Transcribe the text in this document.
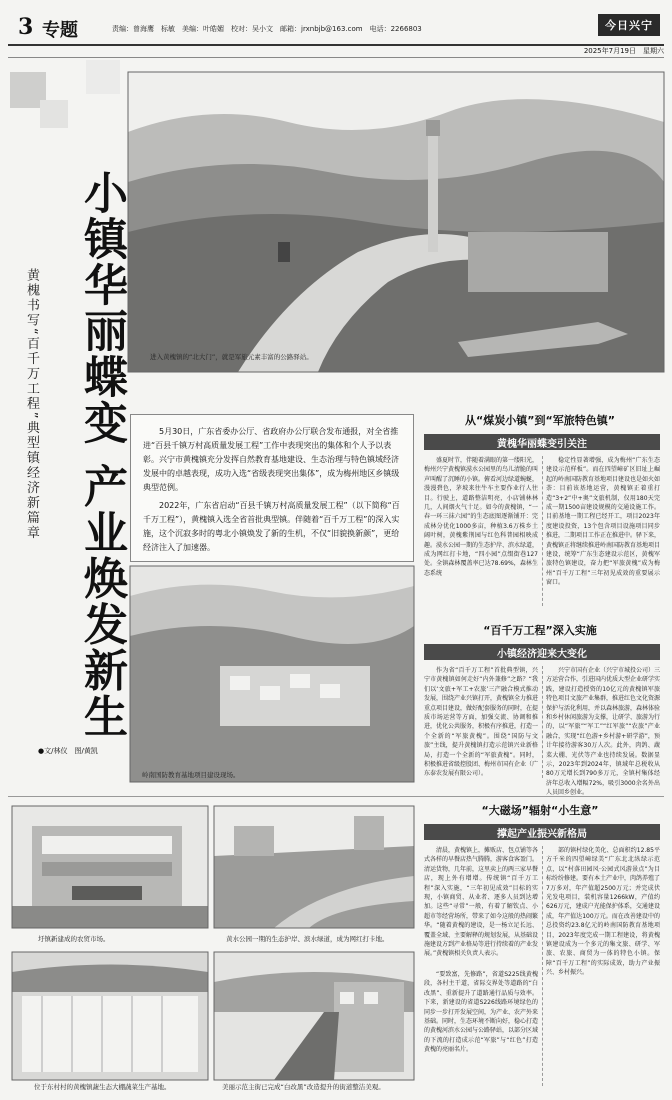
3 专题	责编：曾海鹰　标敏　美编：叶皓媚　校对：吴小文　邮箱：jrxnbjb@163.com　电话：2266803	今日兴宁
2025年7月19日　星期六
小镇华丽蝶变 产业焕发新生
黄槐书写“百千万工程”典型镇经济新篇章	进入黄槐镇的“北大门”，就是军旅元素丰富的公路驿站。

5月30日，广东省委办公厅、省政府办公厅联合发布通报，对全省推进“百县千镇万村高质量发展工程”工作中表现突出的集体和个人予以表彰。兴宁市黄槐镇充分发挥自然教育基地建设、生态治理与特色镇域经济发展中的卓越表现，成功入选“省级表现突出集体”，成为梅州地区乡镇级典型范例。

2022年，广东省启动“百县千镇万村高质量发展工程”（以下简称“百千万工程”），黄槐镇入选全省首批典型镇。伴随着“百千万工程”的深入实施，这个沉寂多时的粤北小镇焕发了新的生机，不仅“旧貌换新颜”，更给经济注入了加速器。

岭南国防教育基地项目建设现场。
●文/林仪　图/黄凯
从“煤炭小镇”到“军旅特色镇”
黄槐华丽蝶变引关注

盛夏时节，伴随着满眼的第一缕阳光，梅州兴宁黄槐镇漠水公园里的鸟儿清脆的叫声叫醒了沉睡的小镇。俯看河边绿道蜿蜒，漫漫碧色，茅坡来往牛车主要作业行人往目。行驶上，道路整洁明亮，小店铺林林几，人间烟火气十足。如今的黄槐镇，“一春一环三抹六园”的生态底图逐渐铺开：完成林分优化1000多亩，种植3.6万株乡土阔叶树，黄槐紫荆园与红色科普园相映成趣。漠水公园一期的生态护岸、滨水绿道，成为网红打卡地，“四小园”点缀街巷127处。全镇森林覆盖率已达78.69%，森林生态系统

稳定性显著增强，成为梅州“广东生态建设示范样板”。而在四望嶂矿区旧址上崛起的岭南国防教育基地项目建设也是如火如荼：目前该基地运营，黄槐镇正着重打造“3+2”中+奥”文旅机制，仅用180天完成一期1500亩建设规模的交通设施工作。目前基地一期工程已经开工，项目2023年度建设投资，13个包含项目设施项目同步推进，二期项目工作正在推进中。驿下来，黄槐镇正将继续推进岭南国防教育基地项目建设，统筹“广东生态建设示范区，黄槐军旅特色镇建设，奋力把“军旅黄槐”成为梅州“百千万工程”三年初见成效的重要展示窗口。

“百千万工程”深入实施
小镇经济迎来大变化

作为省“百千万工程”首批典型镇，兴宁市黄槐镇如何走好“内外兼修”之路？“我们以‘文旅+军工+农旅’三产融合模式推动发展，围绕产业兴镇打开，黄槐镇全力推进重点项目建设，做好配套服务的同时，在提质市场运营等方面，加强交流、协调和推进，优化公共服务，积极有序推进，打造一个全新的“军旅黄槐”。围绕“国防与文旅”主线，提升黄槐镇打造示范镇兴业新格局，打造一个全新的“军旅黄槐”。同时，积极推进省级控股团、梅州市国有企业（广东泰农发展有限公司）。

兴宁市国有企业（兴宁市城投公司）三方运营合作，引进国内优质大型企业研学实践，建设打造授资的10亿元的黄槐镇军旅特色项目文旅产业集群，推进红色文化资源保护与活化利用，并以森林旅游，森林体验和乡村休闲旅游为支撑，让研学、旅游为行的，以“军旅”“军工”“红军旅”“农旅”产业融合，实现“红色游+乡村游+研学游”，预计年接待游客30万人次。此外，肉鸽、蔬菜大棚、光伏等产业也持续发展。数据显示，2023年到2024年，镇域年总税收从80万元增长到790多万元，全镇村集体经济年总收入增幅72%，吸引3000余名外出人员回乡创业。

圩镇新建成的农贸市场。	黄水公园一期的生态护岸、滨水绿道，成为网红打卡地。
位于东村村的黄槐镇蔬生态大棚蔬菜生产基地。	美丽示范主街已完成“白改黑”改造提升的街道整洁美观。
“大磁场”辐射“小生意”
撑起产业振兴新格局

清晨，黄槐镇上，摊贩店、包点铺等各式各样的早餐店热气腾腾，游客食客盈门。清运货物，几年前，这里卖上的两三家早餐店，现上外有增增。传统镇“百千万工程”深入实施，“三年初见成效”目标的实现，小镇商贸、从业者、逐多人员到达增加。这些“寻常”一般，有着了解钦点、小超市等经营场所，带来了如今这般的热闹繁华。“随着黄槐的建设，是一杨立足长远、覆盖全域、主要解释的规划发展，从基础设施建设方到产业格局等进行持续着的产业发展。”黄槐镇相关负责人表示。

部的镇村绿化美化、总面积约12.85平方千米的四望嶂绿美“广东北北纵绿示范点，以“村落田园风·公园式风游景点”为目标纷纷修建。要有本土产业中，肉鸽养殖了7万多对，年产值超2500万元；并完成伏光发电项目，装机容量1266kW，产值约626万元，建成户光能保护体系，交通建设成，年产值达100万元。而在改善建设中的总投资约23.8亿元的岭南国防教育基地项目，2023年度完成一期工程建设，将黄槐镇建设成为一个多元的集文旅、研学、军旅、农旅、商贸为一体的特色小镇。保障“百千万工程”的实际成效，助力产业振兴、乡村振兴。

“要致富，先修路”，省道S225线黄槐段，各村主干道，省际交界处等道路的“白改黑”、重新提升了道路通行品质与效率。下来，新建设的省道S226线路环境绿色的同步一步打开发展空间，为产业、农产外来基础。同时，生态环境不断向好，稳心打造的黄槐河滨水公园与公路驿站，以部分区域的下流的打造成示范“军旅”与“红色”打造黄槐的亮丽名片。
